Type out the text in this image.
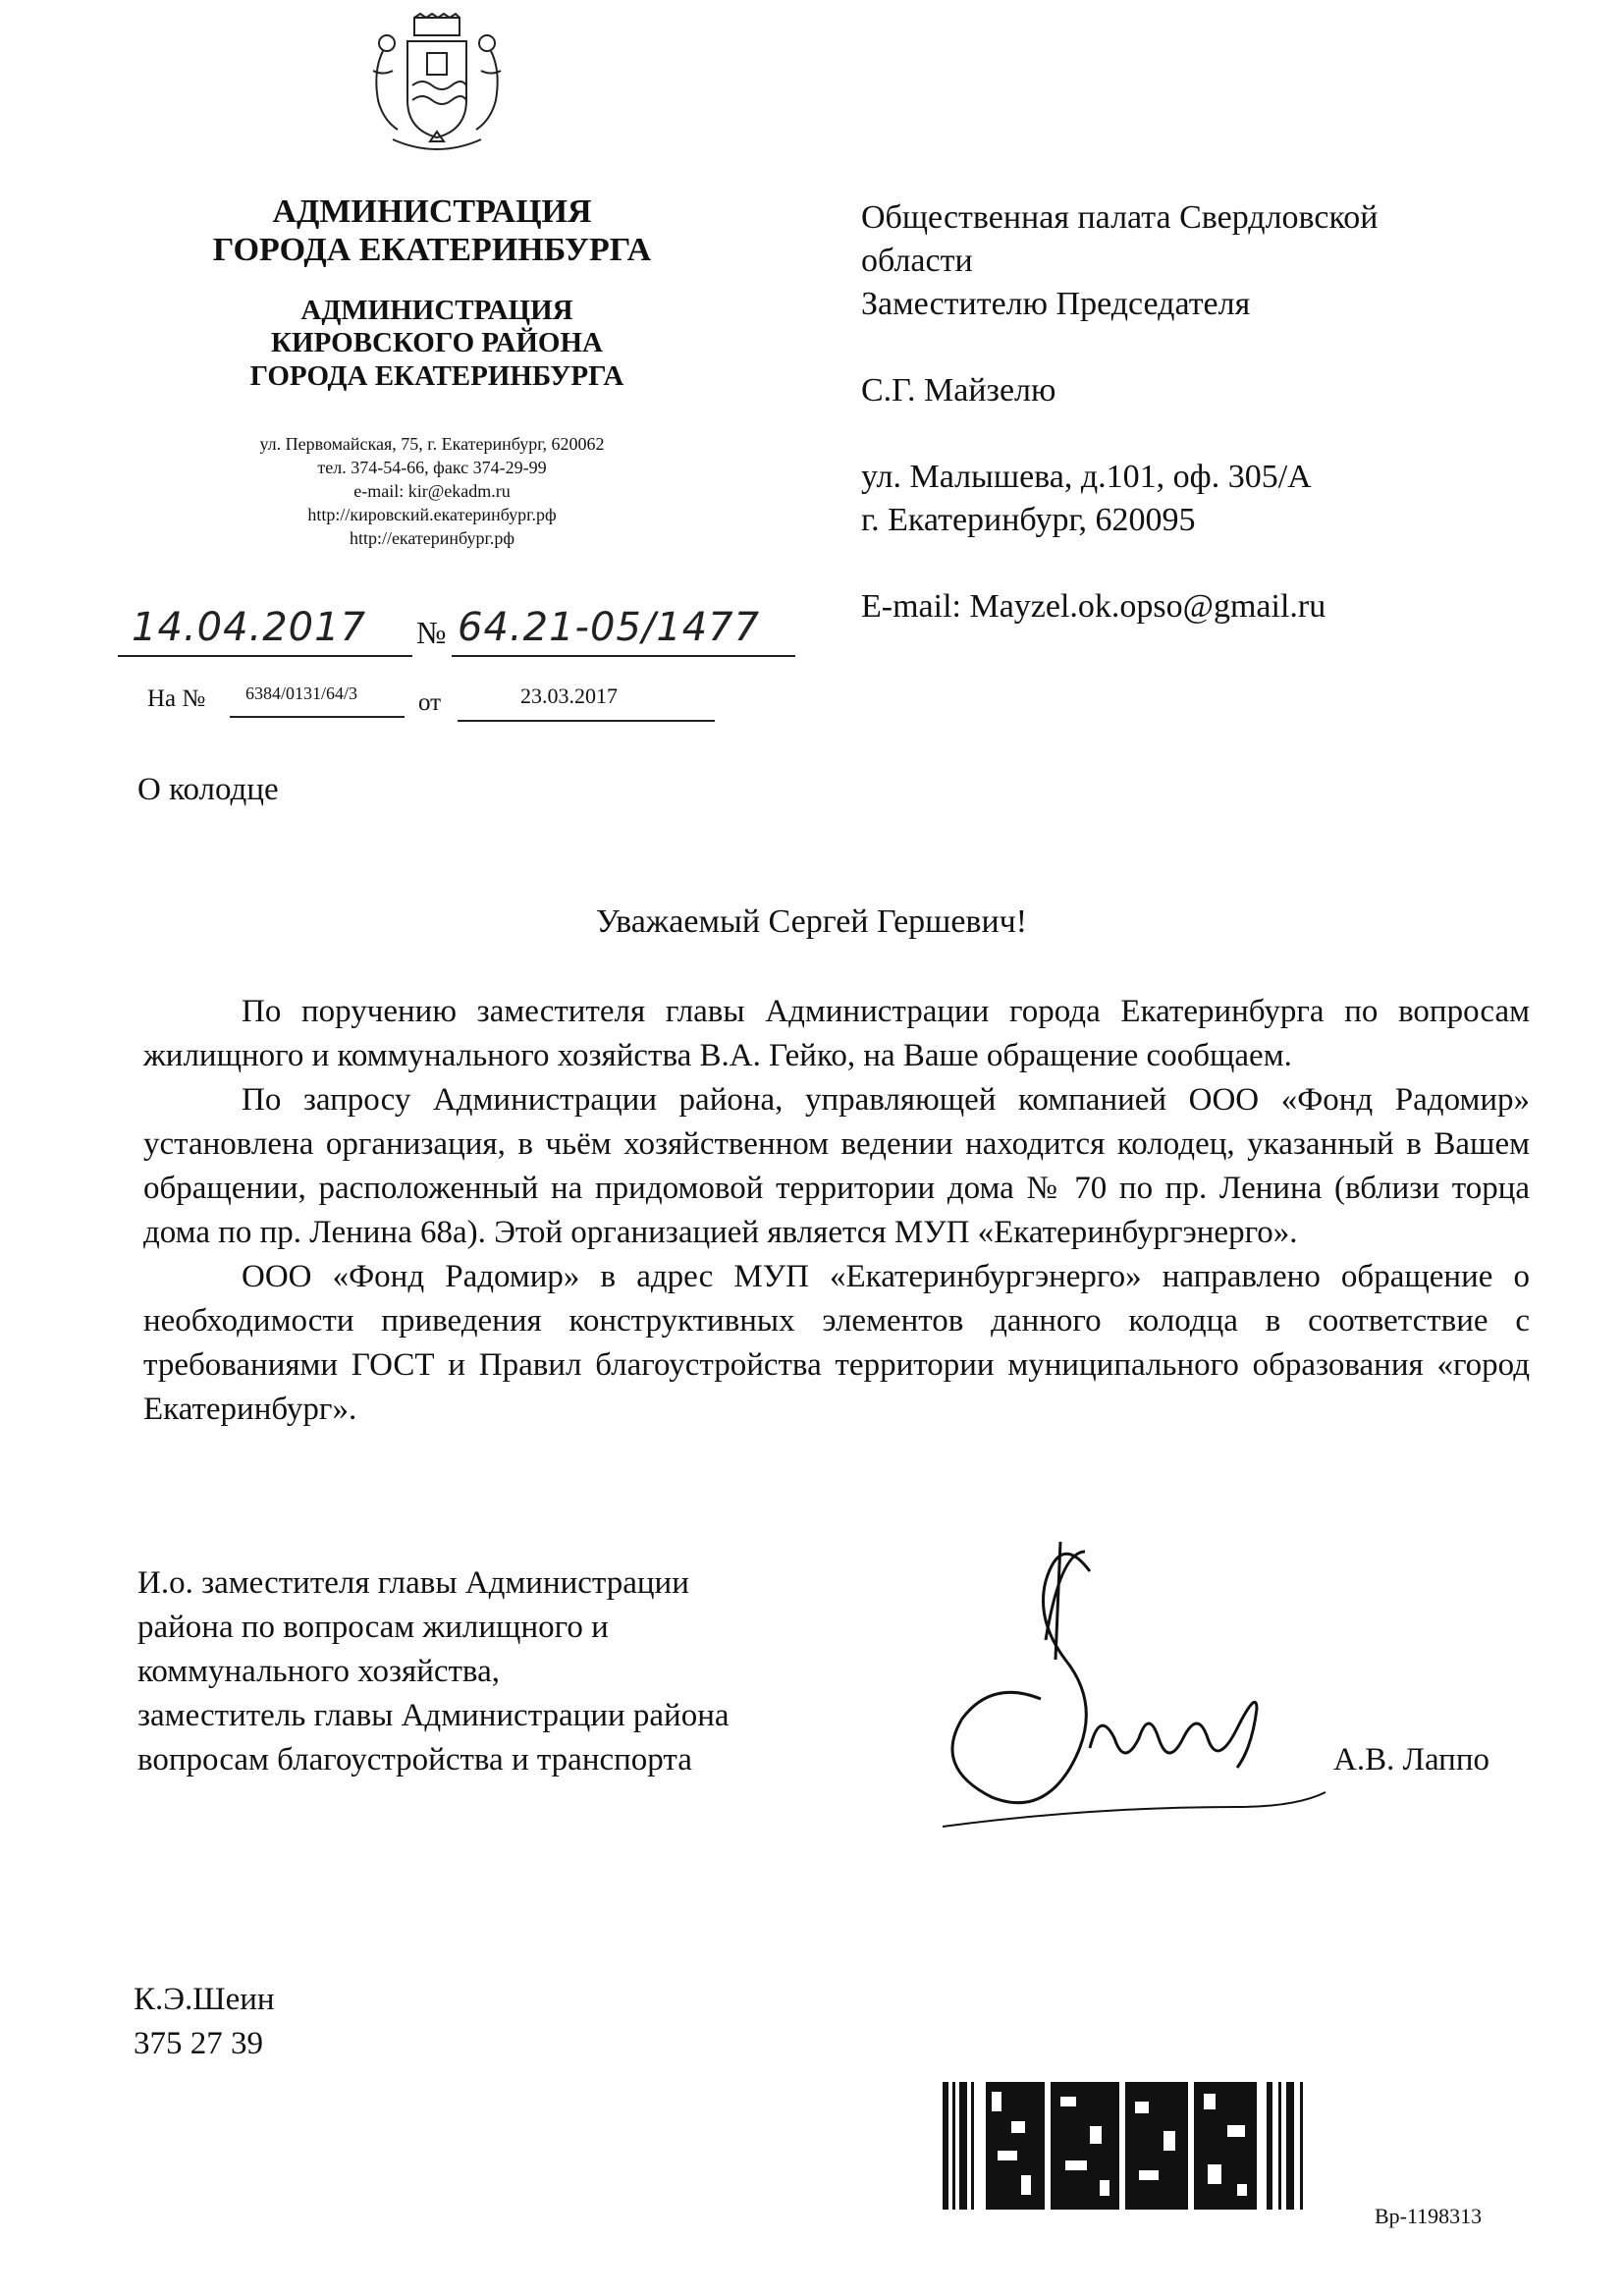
АДМИНИСТРАЦИЯ
ГОРОДА ЕКАТЕРИНБУРГА
АДМИНИСТРАЦИЯ
КИРОВСКОГО РАЙОНА
ГОРОДА ЕКАТЕРИНБУРГА
ул. Первомайская, 75, г. Екатеринбург, 620062
тел. 374-54-66, факс 374-29-99
e-mail: kir@ekadm.ru
http://кировский.екатеринбург.рф
http://екатеринбург.рф
Общественная палата Свердловской
области
Заместителю Председателя
С.Г. Майзелю
ул. Малышева, д.101, оф. 305/А
г. Екатеринбург, 620095
E-mail: Mayzel.ok.opso@gmail.ru
14.04.2017 № 64.21-05/1477
На № 6384/0131/64/3 от	23.03.2017
О колодце
Уважаемый Сергей Гершевич!

По поручению заместителя главы Администрации города Екатеринбурга по вопросам жилищного и коммунального хозяйства В.А. Гейко, на Ваше обращение сообщаем.

По запросу Администрации района, управляющей компанией ООО «Фонд Радомир» установлена организация, в чьём хозяйственном ведении находится колодец, указанный в Вашем обращении, расположенный на придомовой территории дома № 70 по пр. Ленина (вблизи торца дома по пр. Ленина 68а). Этой организацией является МУП «Екатеринбургэнерго».

ООО «Фонд Радомир» в адрес МУП «Екатеринбургэнерго» направлено обращение о необходимости приведения конструктивных элементов данного колодца в соответствие с требованиями ГОСТ и Правил благоустройства территории муниципального образования «город Екатеринбург».

И.о. заместителя главы Администрации
района по вопросам жилищного и
коммунального хозяйства,
заместитель главы Администрации района
вопросам благоустройства и транспорта	А.В. Лаппо
К.Э.Шеин
375 27 39
Вр-1198313
